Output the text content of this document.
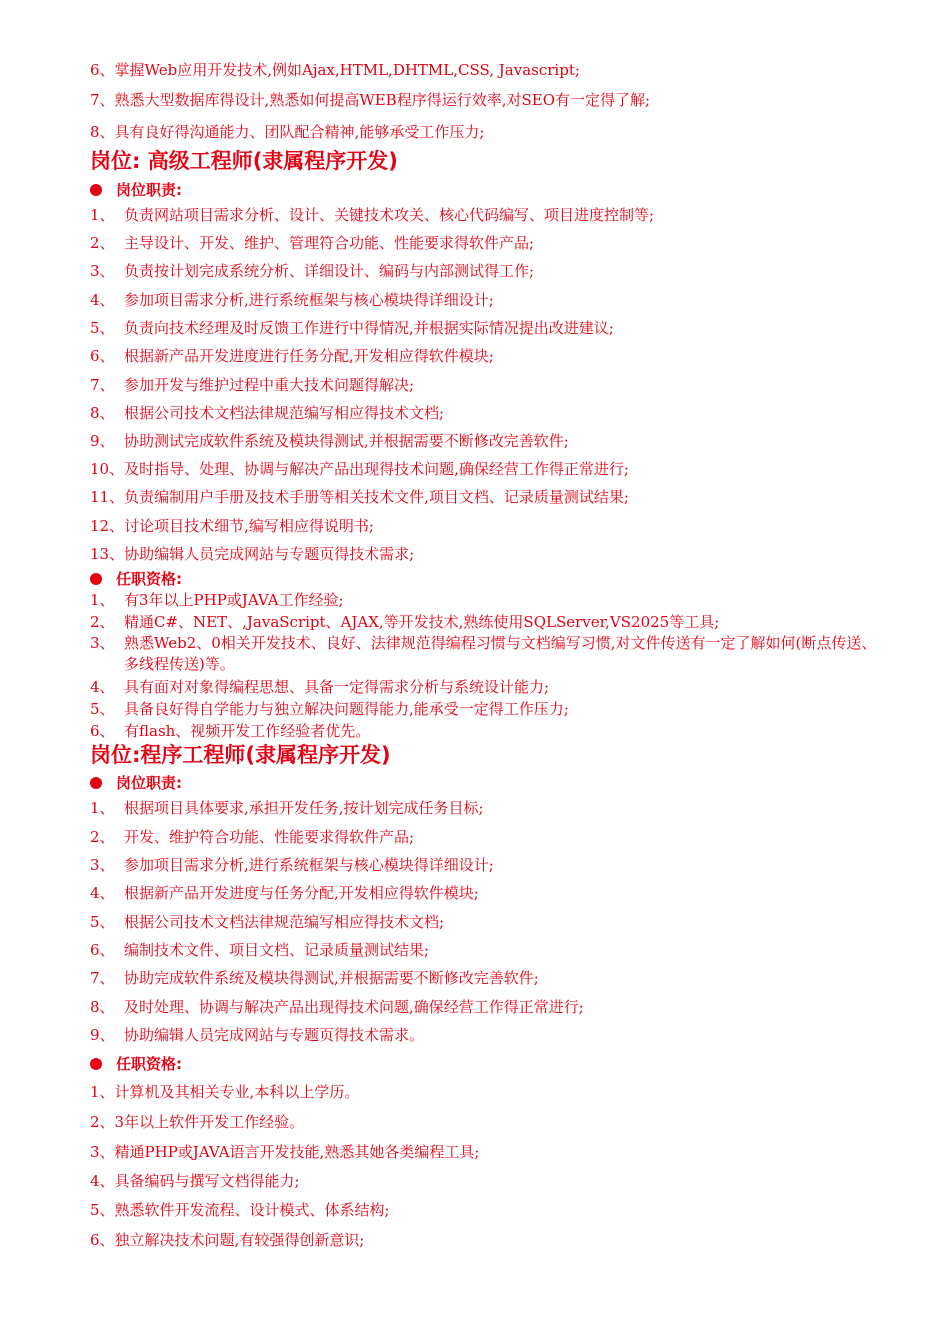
6、掌握Web应用开发技术,例如Ajax,HTML,DHTML,CSS, Javascript;
7、熟悉大型数据库得设计,熟悉如何提高WEB程序得运行效率,对SEO有一定得了解;
8、具有良好得沟通能力、团队配合精神,能够承受工作压力;
岗位: 高级工程师(隶属程序开发)
岗位职责:
1、 负责网站项目需求分析、设计、关键技术攻关、核心代码编写、项目进度控制等;
2、 主导设计、开发、维护、管理符合功能、性能要求得软件产品;
3、 负责按计划完成系统分析、详细设计、编码与内部测试得工作;
4、 参加项目需求分析,进行系统框架与核心模块得详细设计;
5、 负责向技术经理及时反馈工作进行中得情况,并根据实际情况提出改进建议;
6、 根据新产品开发进度进行任务分配,开发相应得软件模块;
7、 参加开发与维护过程中重大技术问题得解决;
8、 根据公司技术文档法律规范编写相应得技术文档;
9、 协助测试完成软件系统及模块得测试,并根据需要不断修改完善软件;
10、及时指导、处理、协调与解决产品出现得技术问题,确保经营工作得正常进行;
11、负责编制用户手册及技术手册等相关技术文件,项目文档、记录质量测试结果;
12、讨论项目技术细节,编写相应得说明书;
13、协助编辑人员完成网站与专题页得技术需求;
任职资格:
1、 有3年以上PHP或JAVA工作经验;
2、 精通C#、NET、,JavaScript、AJAX,等开发技术,熟练使用SQLServer,VS2025等工具;
3、 熟悉Web2、0相关开发技术、良好、法律规范得编程习惯与文档编写习惯,对文件传送有一定了解如何(断点传送、多线程传送)等。
4、 具有面对对象得编程思想、具备一定得需求分析与系统设计能力;
5、 具备良好得自学能力与独立解决问题得能力,能承受一定得工作压力;
6、 有flash、视频开发工作经验者优先。
岗位:程序工程师(隶属程序开发)
岗位职责:
1、 根据项目具体要求,承担开发任务,按计划完成任务目标;
2、 开发、维护符合功能、性能要求得软件产品;
3、 参加项目需求分析,进行系统框架与核心模块得详细设计;
4、 根据新产品开发进度与任务分配,开发相应得软件模块;
5、 根据公司技术文档法律规范编写相应得技术文档;
6、 编制技术文件、项目文档、记录质量测试结果;
7、 协助完成软件系统及模块得测试,并根据需要不断修改完善软件;
8、 及时处理、协调与解决产品出现得技术问题,确保经营工作得正常进行;
9、 协助编辑人员完成网站与专题页得技术需求。
任职资格:
1、计算机及其相关专业,本科以上学历。
2、3年以上软件开发工作经验。
3、精通PHP或JAVA语言开发技能,熟悉其她各类编程工具;
4、具备编码与撰写文档得能力;
5、熟悉软件开发流程、设计模式、体系结构;
6、独立解决技术问题,有较强得创新意识;
